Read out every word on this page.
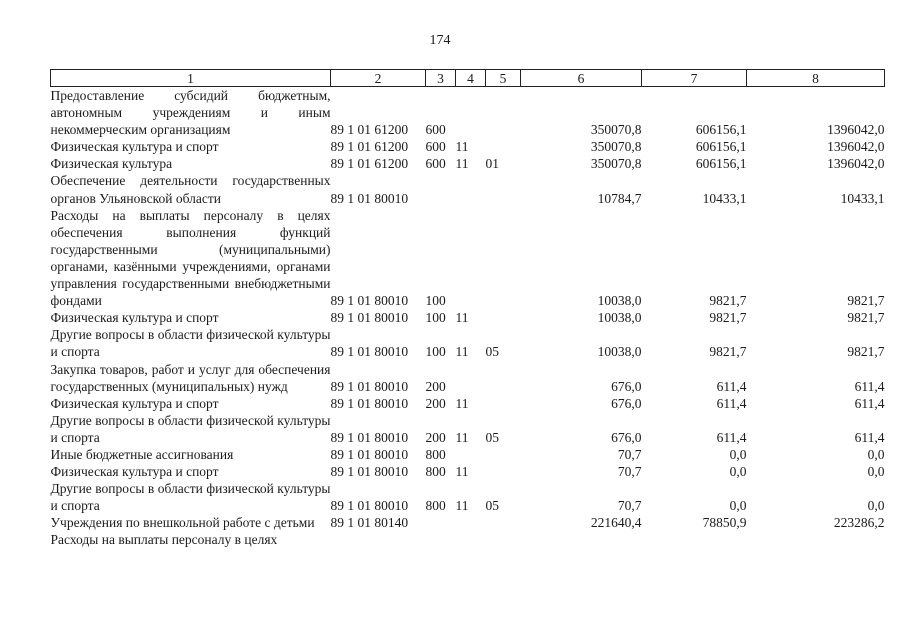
174
1	2	3	4	5	6	7	8
Предоставление субсидий бюджетным, автономным учреждениям и иным некоммерческим организациям	89 1 01 61200	600			350070,8	606156,1	1396042,0
Физическая культура и спорт	89 1 01 61200	600	11		350070,8	606156,1	1396042,0
Физическая культура	89 1 01 61200	600	11	01	350070,8	606156,1	1396042,0
Обеспечение деятельности государственных органов Ульяновской области	89 1 01 80010				10784,7	10433,1	10433,1
Расходы на выплаты персоналу в целях обеспечения выполнения функций государственными (муниципальными) органами, казёнными учреждениями, органами управления государственными внебюджетными фондами	89 1 01 80010	100			10038,0	9821,7	9821,7
Физическая культура и спорт	89 1 01 80010	100	11		10038,0	9821,7	9821,7
Другие вопросы в области физической культуры и спорта	89 1 01 80010	100	11	05	10038,0	9821,7	9821,7
Закупка товаров, работ и услуг для обеспечения государственных (муниципальных) нужд	89 1 01 80010	200			676,0	611,4	611,4
Физическая культура и спорт	89 1 01 80010	200	11		676,0	611,4	611,4
Другие вопросы в области физической культуры и спорта	89 1 01 80010	200	11	05	676,0	611,4	611,4
Иные бюджетные ассигнования	89 1 01 80010	800			70,7	0,0	0,0
Физическая культура и спорт	89 1 01 80010	800	11		70,7	0,0	0,0
Другие вопросы в области физической культуры и спорта	89 1 01 80010	800	11	05	70,7	0,0	0,0
Учреждения по внешкольной работе с детьми	89 1 01 80140				221640,4	78850,9	223286,2
Расходы на выплаты персоналу в целях							
